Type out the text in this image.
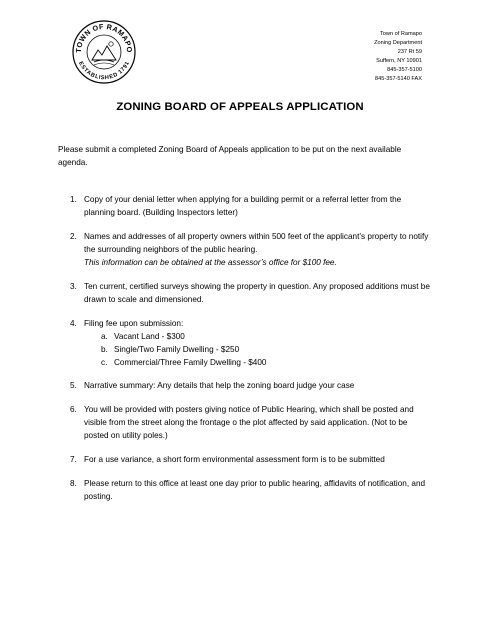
TOWN OF RAMAPO
ESTABLISHED 1791
Town of Ramapo
Zoning Department
237 Rt 59
Suffern, NY 10901
845-357-5100
845-357-5140 FAX
ZONING BOARD OF APPEALS APPLICATION
Please submit a completed Zoning Board of Appeals application to be put on the next available agenda.
1. Copy of your denial letter when applying for a building permit or a referral letter from the planning board. (Building Inspectors letter)
2. Names and addresses of all property owners within 500 feet of the applicant’s property to notify the surrounding neighbors of the public hearing.
This information can be obtained at the assessor’s office for $100 fee.
3. Ten current, certified surveys showing the property in question. Any proposed additions must be drawn to scale and dimensioned.
4. Filing fee upon submission:
a. Vacant Land - $300
b. Single/Two Family Dwelling - $250
c. Commercial/Three Family Dwelling - $400
5. Narrative summary: Any details that help the zoning board judge your case
6. You will be provided with posters giving notice of Public Hearing, which shall be posted and visible from the street along the frontage o the plot affected by said application. (Not to be posted on utility poles.)
7. For a use variance, a short form environmental assessment form is to be submitted
8. Please return to this office at least one day prior to public hearing, affidavits of notification, and posting.
